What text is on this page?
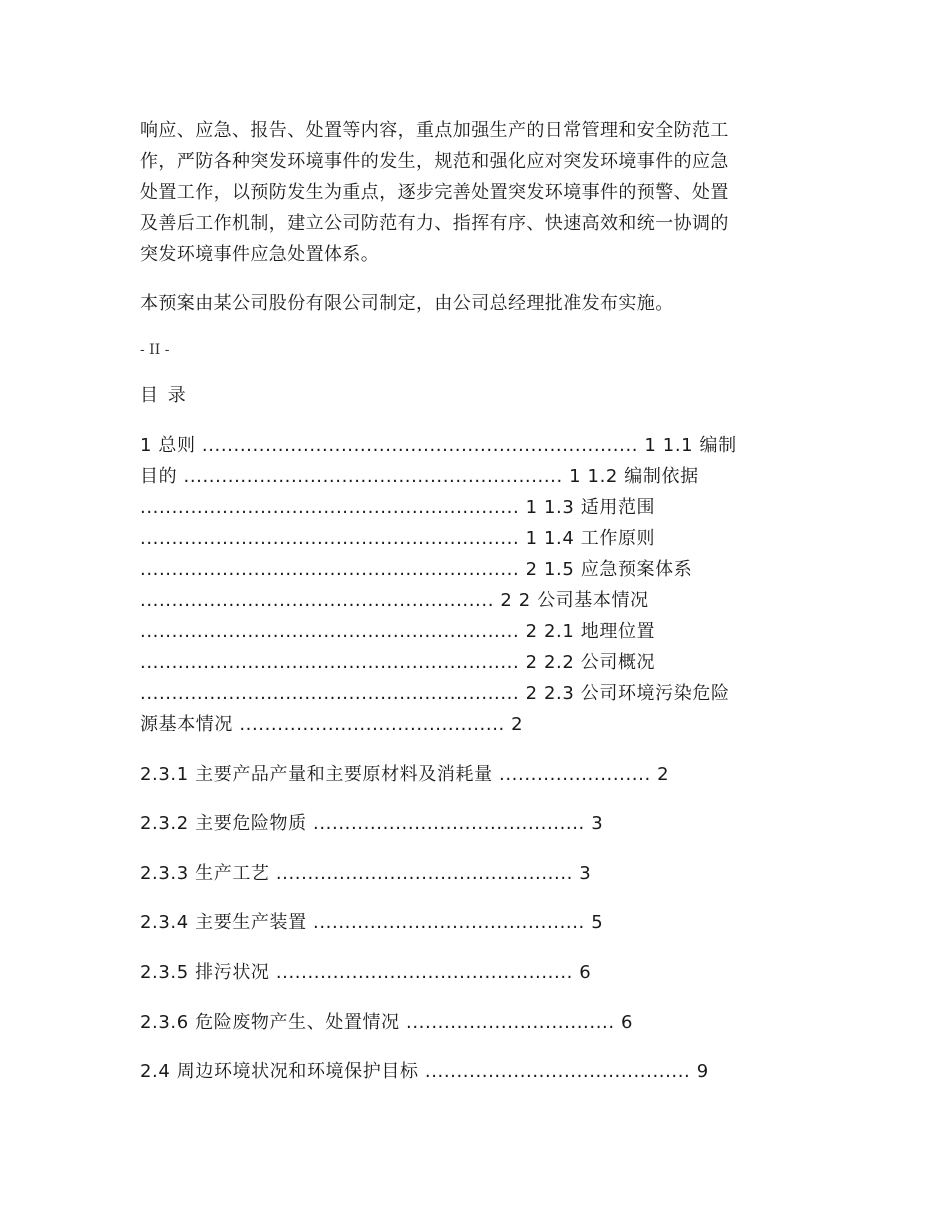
响应、应急、报告、处置等内容，重点加强生产的日常管理和安全防范工
作，严防各种突发环境事件的发生，规范和强化应对突发环境事件的应急
处置工作，以预防发生为重点，逐步完善处置突发环境事件的预警、处置
及善后工作机制，建立公司防范有力、指挥有序、快速高效和统一协调的
突发环境事件应急处置体系。
本预案由某公司股份有限公司制定，由公司总经理批准发布实施。
- II -
目 录
1 总则 ..................................................................... 1 1.1 编制
目的 ............................................................ 1 1.2 编制依据
............................................................ 1 1.3 适用范围
............................................................ 1 1.4 工作原则
............................................................ 2 1.5 应急预案体系
........................................................ 2 2 公司基本情况
............................................................ 2 2.1 地理位置
............................................................ 2 2.2 公司概况
............................................................ 2 2.3 公司环境污染危险
源基本情况 .......................................... 2
2.3.1 主要产品产量和主要原材料及消耗量 ........................ 2
2.3.2 主要危险物质 ........................................... 3
2.3.3 生产工艺 ............................................... 3
2.3.4 主要生产装置 ........................................... 5
2.3.5 排污状况 ............................................... 6
2.3.6 危险废物产生、处置情况 ................................. 6
2.4 周边环境状况和环境保护目标 .......................................... 9
